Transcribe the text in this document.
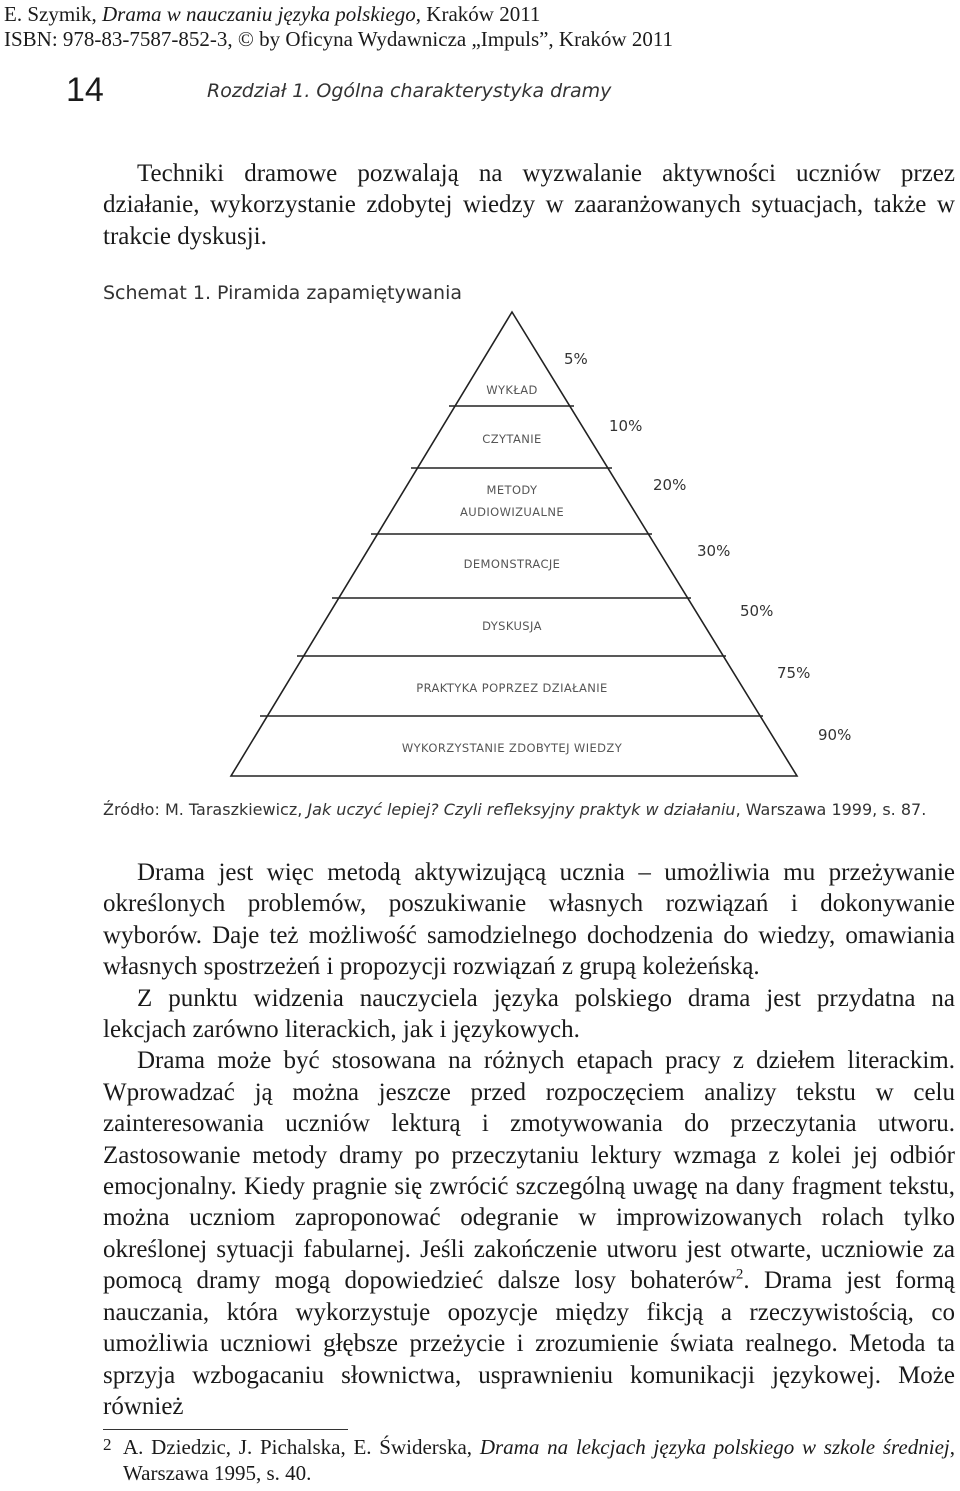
E. Szymik, Drama w nauczaniu języka polskiego, Kraków 2011
ISBN: 978-83-7587-852-3, © by Oficyna Wydawnicza „Impuls”, Kraków 2011
14	Rozdział 1. Ogólna charakterystyka dramy

Techniki dramowe pozwalają na wyzwalanie aktywności uczniów przez działanie, wykorzystanie zdobytej wiedzy w zaaranżowanych sytuacjach, także w trakcie dyskusji.

Schemat 1. Piramida zapamiętywania
WYKŁAD
CZYTANIE
METODY
AUDIOWIZUALNE
DEMONSTRACJE
DYSKUSJA
PRAKTYKA POPRZEZ DZIAŁANIE
WYKORZYSTANIE ZDOBYTEJ WIEDZY
5%
10%
20%
30%
50%
75%
90%
Źródło: M. Taraszkiewicz, Jak uczyć lepiej? Czyli refleksyjny praktyk w działaniu, Warszawa 1999, s. 87.

Drama jest więc metodą aktywizującą ucznia – umożliwia mu przeżywanie określonych problemów, poszukiwanie własnych rozwiązań i dokonywanie wyborów. Daje też możliwość samodzielnego dochodzenia do wiedzy, omawiania własnych spostrzeżeń i propozycji rozwiązań z grupą koleżeńską.

Z punktu widzenia nauczyciela języka polskiego drama jest przydatna na lekcjach zarówno literackich, jak i językowych.

Drama może być stosowana na różnych etapach pracy z dziełem literackim. Wprowadzać ją można jeszcze przed rozpoczęciem analizy tekstu w celu zainteresowania uczniów lekturą i zmotywowania do przeczytania utworu. Zastosowanie metody dramy po przeczytaniu lektury wzmaga z kolei jej odbiór emocjonalny. Kiedy pragnie się zwrócić szczególną uwagę na dany fragment tekstu, można uczniom zaproponować odegranie w improwizowanych rolach tylko określonej sytuacji fabularnej. Jeśli zakończenie utworu jest otwarte, uczniowie za pomocą dramy mogą dopowiedzieć dalsze losy bohaterów$^2$. Drama jest formą nauczania, która wykorzystuje opozycje między fikcją a rzeczywistością, co umożliwia uczniowi głębsze przeżycie i zrozumienie świata realnego. Metoda ta sprzyja wzbogacaniu słownictwa, usprawnieniu komunikacji językowej. Może również

2 A. Dziedzic, J. Pichalska, E. Świderska, Drama na lekcjach języka polskiego w szkole średniej, Warszawa 1995, s. 40.
